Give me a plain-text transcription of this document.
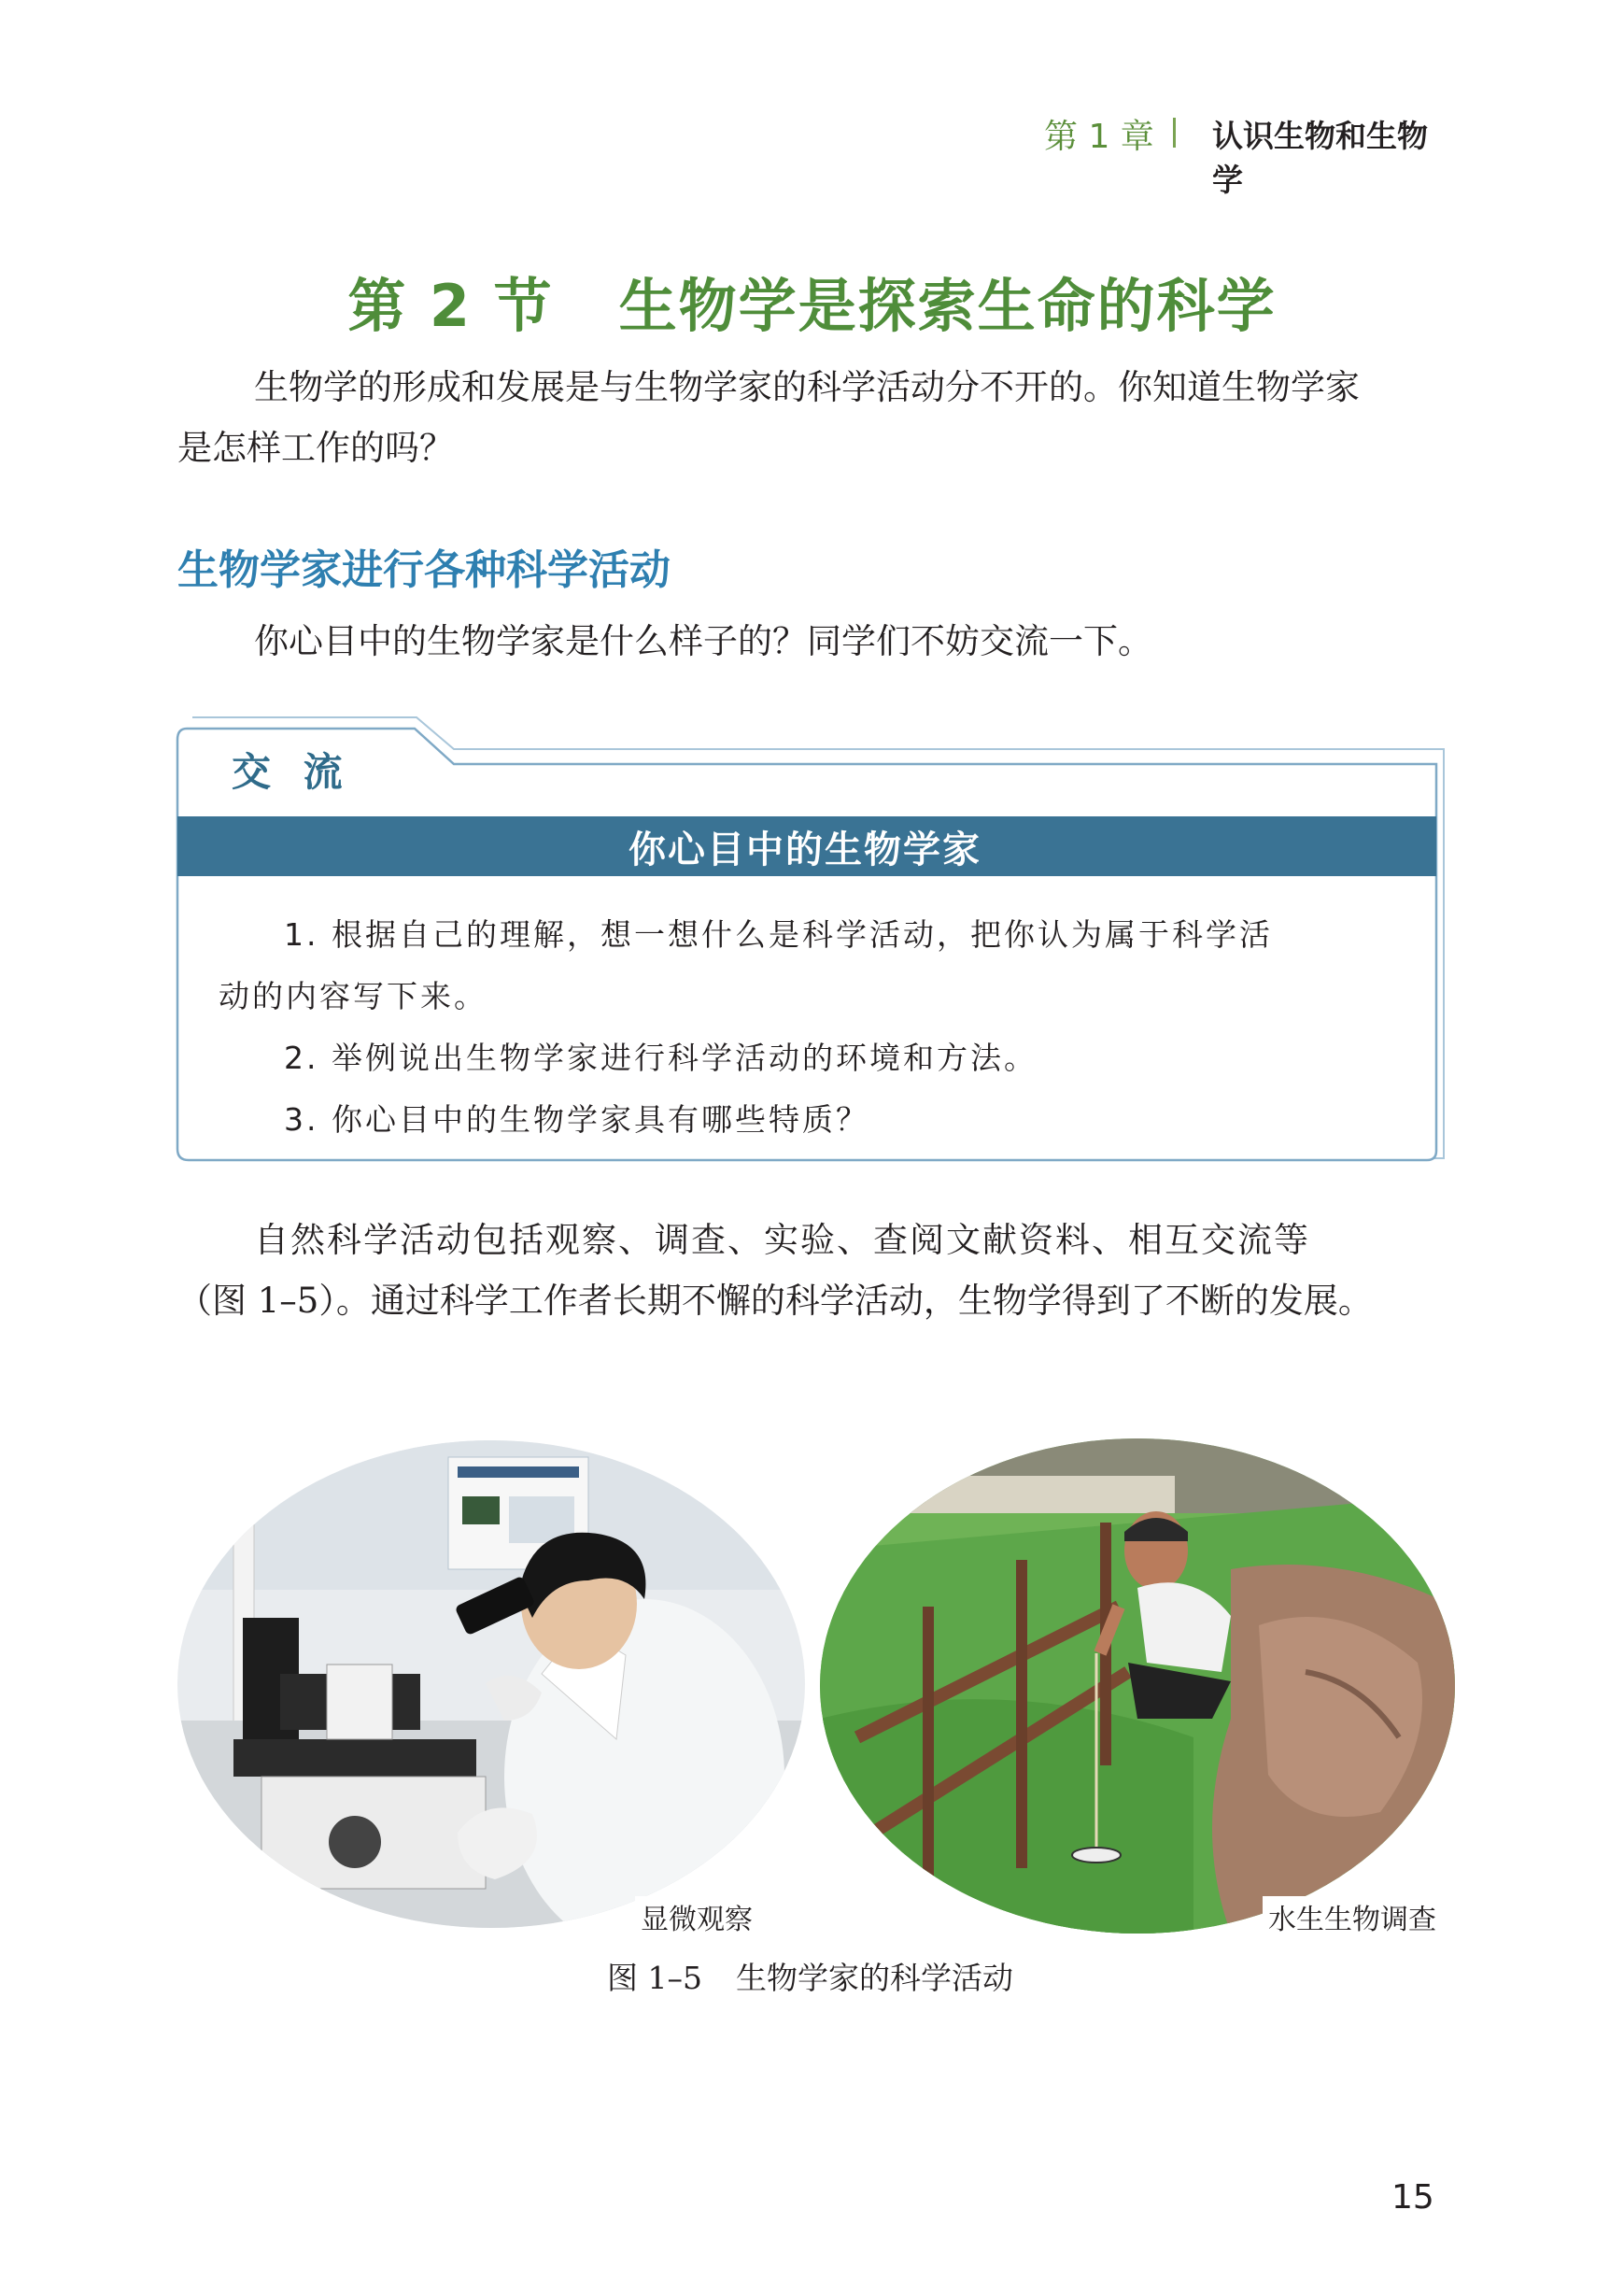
第 1 章 认识生物和生物学
第 2 节 生物学是探索生命的科学
生物学的形成和发展是与生物学家的科学活动分不开的。你知道生物学家
是怎样工作的吗？
生物学家进行各种科学活动
你心目中的生物学家是什么样子的？同学们不妨交流一下。
交 流
你心目中的生物学家
1. 根据自己的理解，想一想什么是科学活动，把你认为属于科学活
动的内容写下来。
2. 举例说出生物学家进行科学活动的环境和方法。
3. 你心目中的生物学家具有哪些特质？
自然科学活动包括观察、调查、实验、查阅文献资料、相互交流等
（图 1–5）。通过科学工作者长期不懈的科学活动，生物学得到了不断的发展。
显微观察	水生生物调查
图 1–5 生物学家的科学活动
15
